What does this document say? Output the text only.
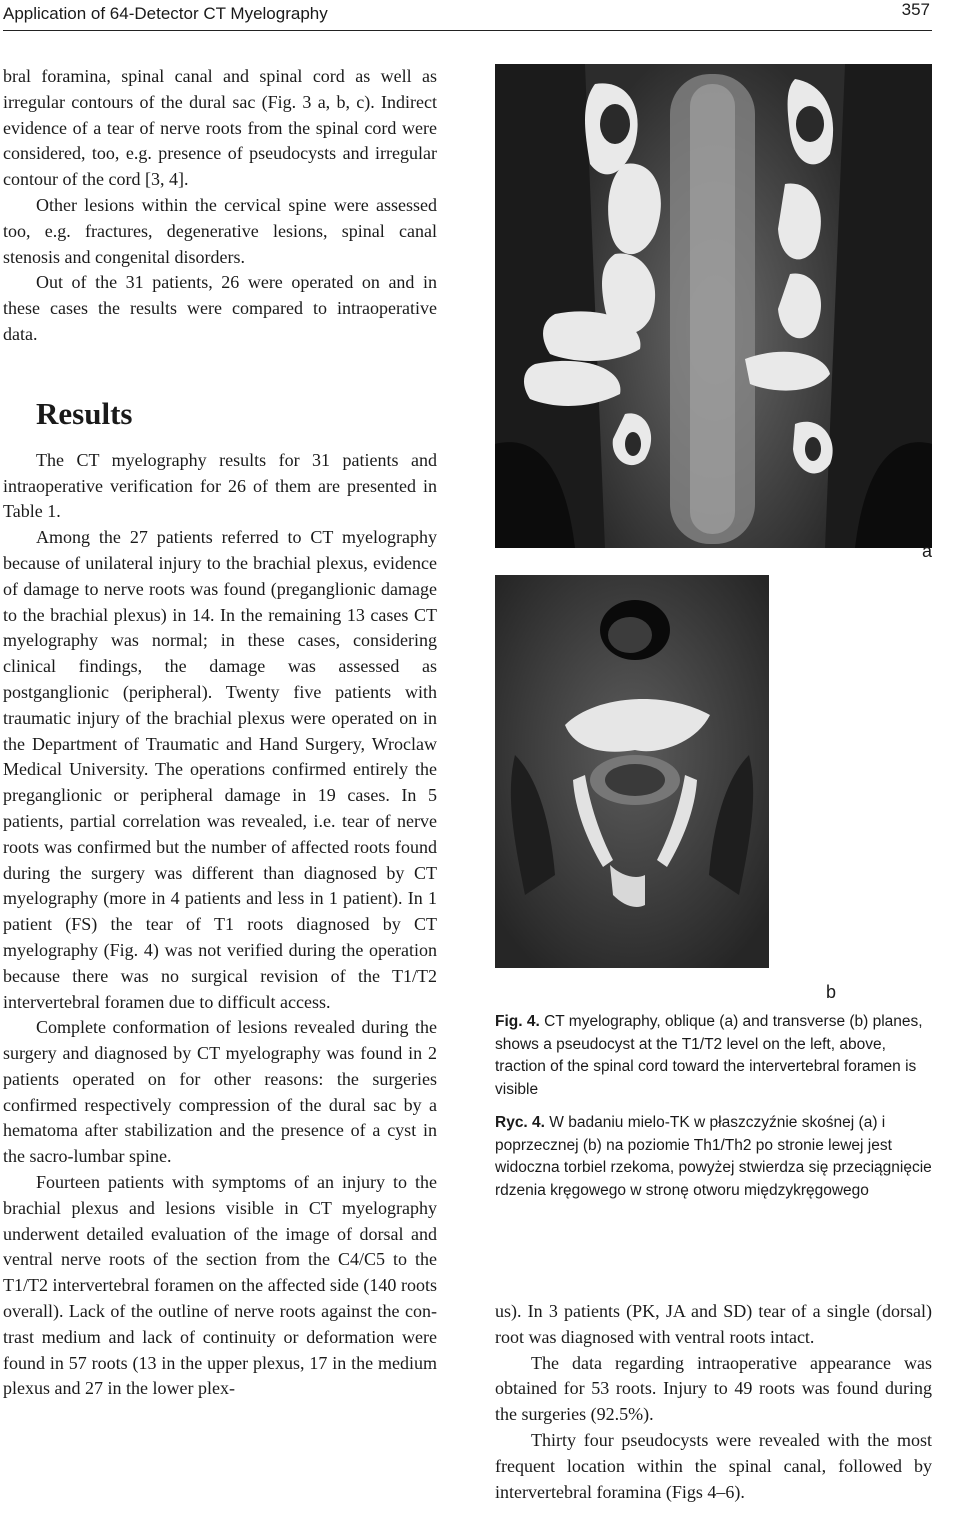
Application of 64-Detector CT Myelography	357

bral foramina, spinal canal and spinal cord as well as irregular contours of the dural sac (Fig. 3 a, b, c). Indirect evidence of a tear of nerve roots from the spinal cord were considered, too, e.g. presence of pseudocysts and irregular contour of the cord [3, 4].

Other lesions within the cervical spine were assessed too, e.g. fractures, degenerative lesions, spinal canal stenosis and congenital disorders.

Out of the 31 patients, 26 were operated on and in these cases the results were compared to intraoperative data.

Results

The CT myelography results for 31 patients and intraoperative verification for 26 of them are presented in Table 1.

Among the 27 patients referred to CT myelography because of unilateral injury to the brachial plexus, evidence of damage to nerve roots was found (preganglionic damage to the brachial plexus) in 14. In the remaining 13 cases CT myelography was normal; in these cases, considering clinical findings, the damage was assessed as postganglionic (peripheral). Twenty five patients with traumatic injury of the brachial plexus were operated on in the Department of Traumatic and Hand Surgery, Wroclaw Medical University. The operations confirmed entirely the preganglionic or peripheral damage in 19 cases. In 5 patients, partial correlation was revealed, i.e. tear of nerve roots was confirmed but the number of affected roots found during the surgery was different than diagnosed by CT myelography (more in 4 patients and less in 1 patient). In 1 patient (FS) the tear of T1 roots diagnosed by CT myelography (Fig. 4) was not verified during the operation because there was no surgical revision of the T1/T2 intervertebral foramen due to difficult access.

Complete conformation of lesions revealed during the surgery and diagnosed by CT myelography was found in 2 patients operated on for other reasons: the surgeries confirmed respectively compression of the dural sac by a hematoma after stabilization and the presence of a cyst in the sacro-lumbar spine.

Fourteen patients with symptoms of an injury to the brachial plexus and lesions visible in CT myelography underwent detailed evaluation of the image of dorsal and ventral nerve roots of the section from the C4/C5 to the T1/T2 intervertebral foramen on the affected side (140 roots overall). Lack of the outline of nerve roots against the contrast medium and lack of continuity or deformation were found in 57 roots (13 in the upper plexus, 17 in the medium plexus and 27 in the lower plex-

a
b
Fig. 4. CT myelography, oblique (a) and transverse (b) planes, shows a pseudocyst at the T1/T2 level on the left, above, traction of the spinal cord toward the intervertebral foramen is visible
Ryc. 4. W badaniu mielo-TK w płaszczyźnie skośnej (a) i poprzecznej (b) na poziomie Th1/Th2 po stronie lewej jest widoczna torbiel rzekoma, powyżej stwierdza się przeciągnięcie rdzenia kręgowego w stronę otworu międzykręgowego

us). In 3 patients (PK, JA and SD) tear of a single (dorsal) root was diagnosed with ventral roots intact.

The data regarding intraoperative appearance was obtained for 53 roots. Injury to 49 roots was found during the surgeries (92.5%).

Thirty four pseudocysts were revealed with the most frequent location within the spinal canal, followed by intervertebral foramina (Figs 4–6).
